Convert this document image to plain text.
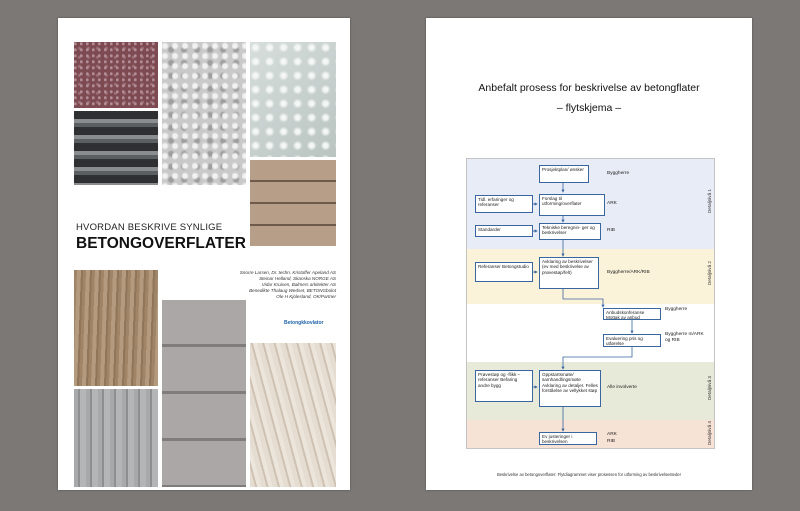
HVORDAN BESKRIVE SYNLIGE
BETONGOVERFLATER
Snorre Larsen, Dr. techn. Kristoffer Apeland AS
Steinar Helland, Skanska NORGE AS
Vidar Kruisen, Balmers arkitekter AS
Benedikte Thalaug Wedset, BETONGbolot
Ole H Kjolesland, OK/Partner
Betongkkovlator
Anbefalt prosess for beskrivelse av betongflater
– flytskjema –
Detaljnivå 1
Detaljnivå 2
Detaljnivå 3
Detaljnivå 4
Prosjektplan/ ønsker
Tidl. erfaringer og referanser
Forslag til utforming/overflater
Standarder	Tekniske beregnin- ger og beskrivelser
Referanser Betongstudio
Avklaring av beskrivelser (ev med beskrivelse av prøvestøp/felt)
Anbudskonferanse Mottak av anbud
Evaluering pris og utførelse
Prøvestøp og -flikk – referanser Befaring andre bygg
Oppstartsmøte/ samhandlingsmøte Avklaring av detaljer. Felles forståelse av vellykket støp
Ev justeringer i beskrivelsen
Byggherre
ARK
RIB
Byggherre/ARK/RIB
Byggherre
Byggherre m/ARK og RIB
Alle involverte
ARK
RIB
Beskrivelse av betongoverflater: Flytdiagrammet viser prosessen for utforming av beskrivelsesteder
